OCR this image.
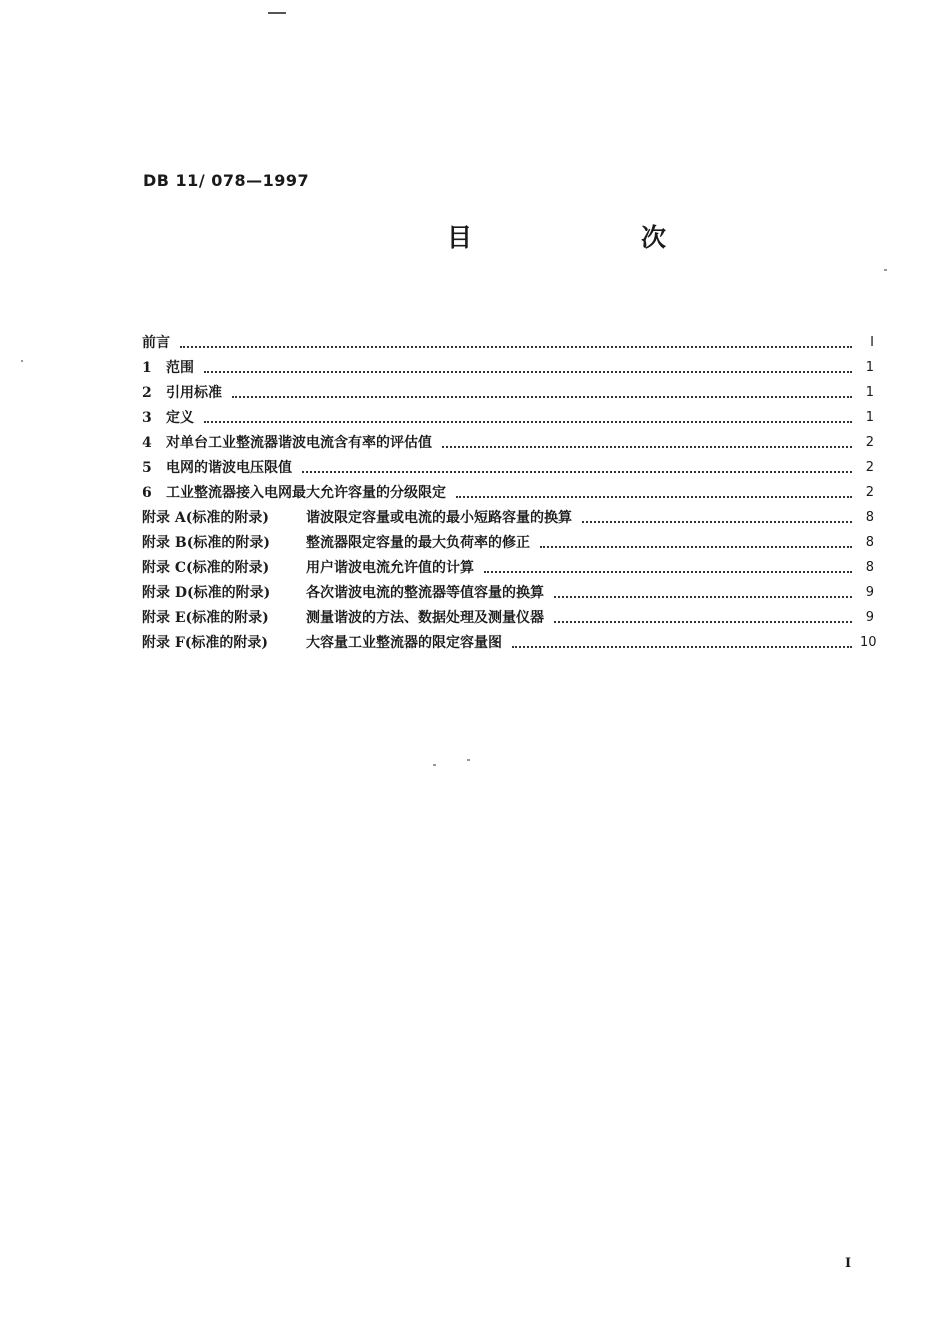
DB 11/ 078—1997
目　次
前言	Ⅰ
1	范围	1
2	引用标准	1
3	定义	1
4	对单台工业整流器谐波电流含有率的评估值	2
5	电网的谐波电压限值	2
6	工业整流器接入电网最大允许容量的分级限定	2
附录 A(标准的附录)	谐波限定容量或电流的最小短路容量的换算	8
附录 B(标准的附录)	整流器限定容量的最大负荷率的修正	8
附录 C(标准的附录)	用户谐波电流允许值的计算	8
附录 D(标准的附录)	各次谐波电流的整流器等值容量的换算	9
附录 E(标准的附录)	测量谐波的方法、数据处理及测量仪器	9
附录 F(标准的附录)	大容量工业整流器的限定容量图	10
Ⅰ
